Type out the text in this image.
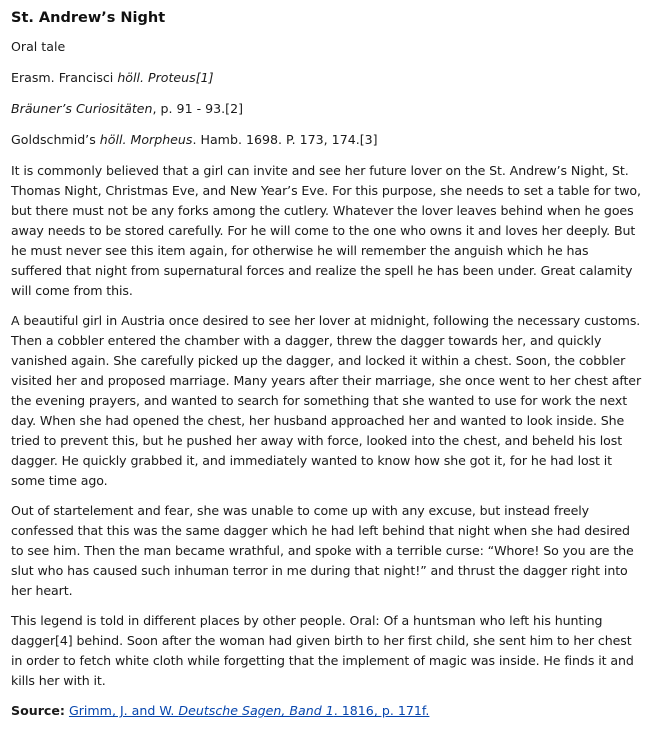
St. Andrew’s Night

Oral tale

Erasm. Francisci höll. Proteus[1]

Bräuner’s Curiositäten, p. 91 - 93.[2]

Goldschmid’s höll. Morpheus. Hamb. 1698. P. 173, 174.[3]

It is commonly believed that a girl can invite and see her future lover on the St. Andrew’s Night, St. Thomas Night, Christmas Eve, and New Year’s Eve. For this purpose, she needs to set a table for two, but there must not be any forks among the cutlery. Whatever the lover leaves behind when he goes away needs to be stored carefully. For he will come to the one who owns it and loves her deeply. But he must never see this item again, for otherwise he will remember the anguish which he has suffered that night from supernatural forces and realize the spell he has been under. Great calamity will come from this.

A beautiful girl in Austria once desired to see her lover at midnight, following the necessary customs. Then a cobbler entered the chamber with a dagger, threw the dagger towards her, and quickly vanished again. She carefully picked up the dagger, and locked it within a chest. Soon, the cobbler visited her and proposed marriage. Many years after their marriage, she once went to her chest after the evening prayers, and wanted to search for something that she wanted to use for work the next day. When she had opened the chest, her husband approached her and wanted to look inside. She tried to prevent this, but he pushed her away with force, looked into the chest, and beheld his lost dagger. He quickly grabbed it, and immediately wanted to know how she got it, for he had lost it some time ago.

Out of startelement and fear, she was unable to come up with any excuse, but instead freely confessed that this was the same dagger which he had left behind that night when she had desired to see him. Then the man became wrathful, and spoke with a terrible curse: “Whore! So you are the slut who has caused such inhuman terror in me during that night!” and thrust the dagger right into her heart.

This legend is told in different places by other people. Oral: Of a huntsman who left his hunting dagger[4] behind. Soon after the woman had given birth to her first child, she sent him to her chest in order to fetch white cloth while forgetting that the implement of magic was inside. He finds it and kills her with it.

Source: Grimm, J. and W. Deutsche Sagen, Band 1. 1816, p. 171f.
